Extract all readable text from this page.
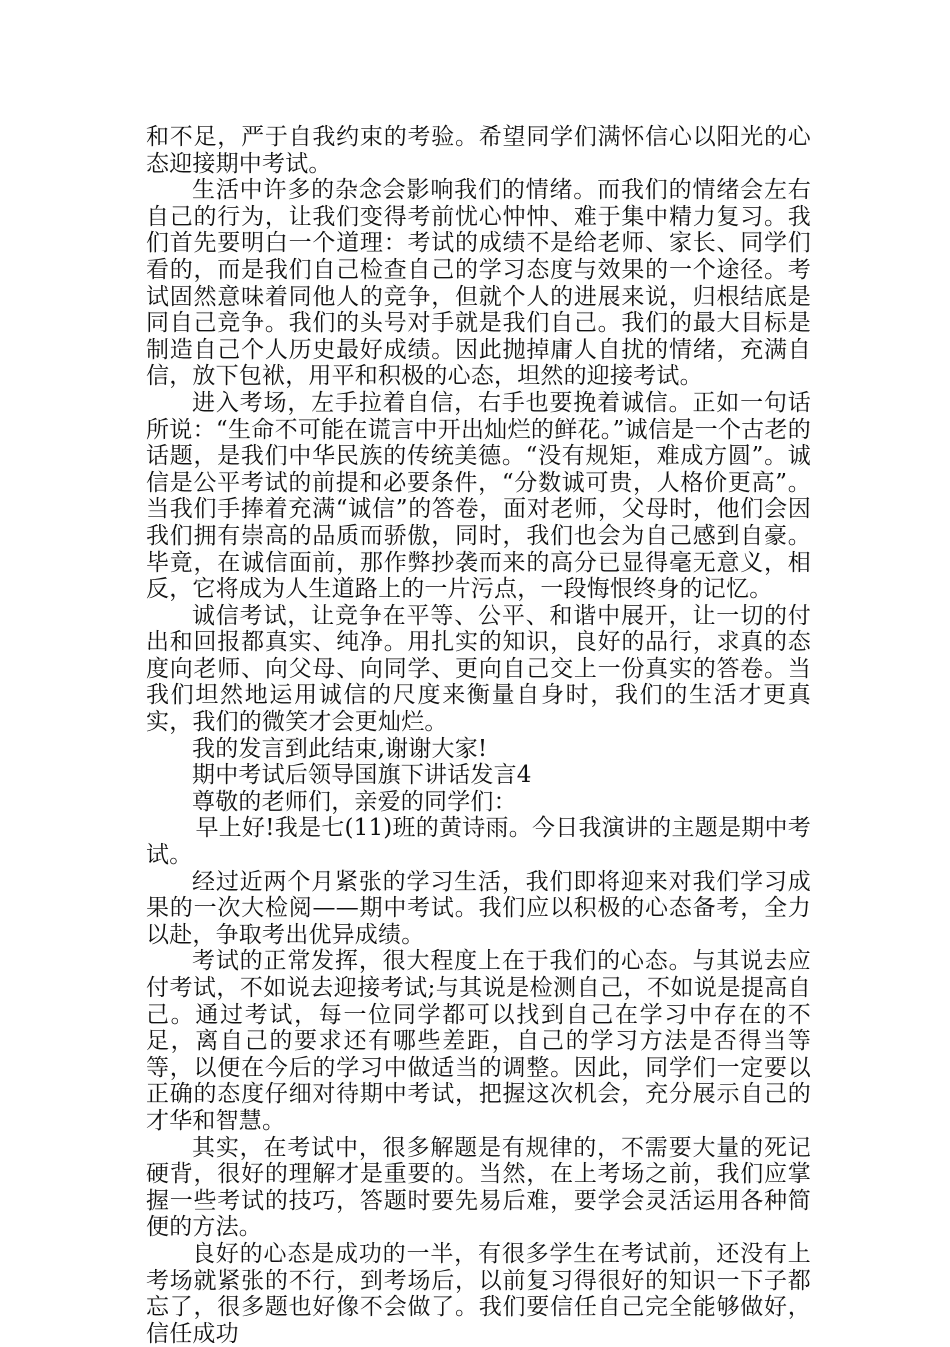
和不足，严于自我约束的考验。希望同学们满怀信心以阳光的心态迎接期中考试。

生活中许多的杂念会影响我们的情绪。而我们的情绪会左右自己的行为，让我们变得考前忧心忡忡、难于集中精力复习。我们首先要明白一个道理：考试的成绩不是给老师、家长、同学们看的，而是我们自己检查自己的学习态度与效果的一个途径。考试固然意味着同他人的竞争，但就个人的进展来说，归根结底是同自己竞争。我们的头号对手就是我们自己。我们的最大目标是制造自己个人历史最好成绩。因此抛掉庸人自扰的情绪，充满自信，放下包袱，用平和积极的心态，坦然的迎接考试。

进入考场，左手拉着自信，右手也要挽着诚信。正如一句话所说：“生命不可能在谎言中开出灿烂的鲜花。”诚信是一个古老的话题，是我们中华民族的传统美德。“没有规矩，难成方圆”。诚信是公平考试的前提和必要条件，“分数诚可贵，人格价更高”。当我们手捧着充满“诚信”的答卷，面对老师，父母时，他们会因我们拥有崇高的品质而骄傲，同时，我们也会为自己感到自豪。毕竟，在诚信面前，那作弊抄袭而来的高分已显得毫无意义，相反，它将成为人生道路上的一片污点，一段悔恨终身的记忆。

诚信考试，让竞争在平等、公平、和谐中展开，让一切的付出和回报都真实、纯净。用扎实的知识，良好的品行，求真的态度向老师、向父母、向同学、更向自己交上一份真实的答卷。当我们坦然地运用诚信的尺度来衡量自身时，我们的生活才更真实，我们的微笑才会更灿烂。

我的发言到此结束,谢谢大家!

期中考试后领导国旗下讲话发言4

尊敬的老师们，亲爱的同学们：

早上好!我是七(11)班的黄诗雨。今日我演讲的主题是期中考试。

经过近两个月紧张的学习生活，我们即将迎来对我们学习成果的一次大检阅——期中考试。我们应以积极的心态备考，全力以赴，争取考出优异成绩。

考试的正常发挥，很大程度上在于我们的心态。与其说去应付考试，不如说去迎接考试;与其说是检测自己，不如说是提高自己。通过考试，每一位同学都可以找到自己在学习中存在的不足，离自己的要求还有哪些差距，自己的学习方法是否得当等等，以便在今后的学习中做适当的调整。因此，同学们一定要以正确的态度仔细对待期中考试，把握这次机会，充分展示自己的才华和智慧。

其实，在考试中，很多解题是有规律的，不需要大量的死记硬背，很好的理解才是重要的。当然，在上考场之前，我们应掌握一些考试的技巧，答题时要先易后难，要学会灵活运用各种简便的方法。

良好的心态是成功的一半，有很多学生在考试前，还没有上考场就紧张的不行，到考场后，以前复习得很好的知识一下子都忘了，很多题也好像不会做了。我们要信任自己完全能够做好，信任成功
